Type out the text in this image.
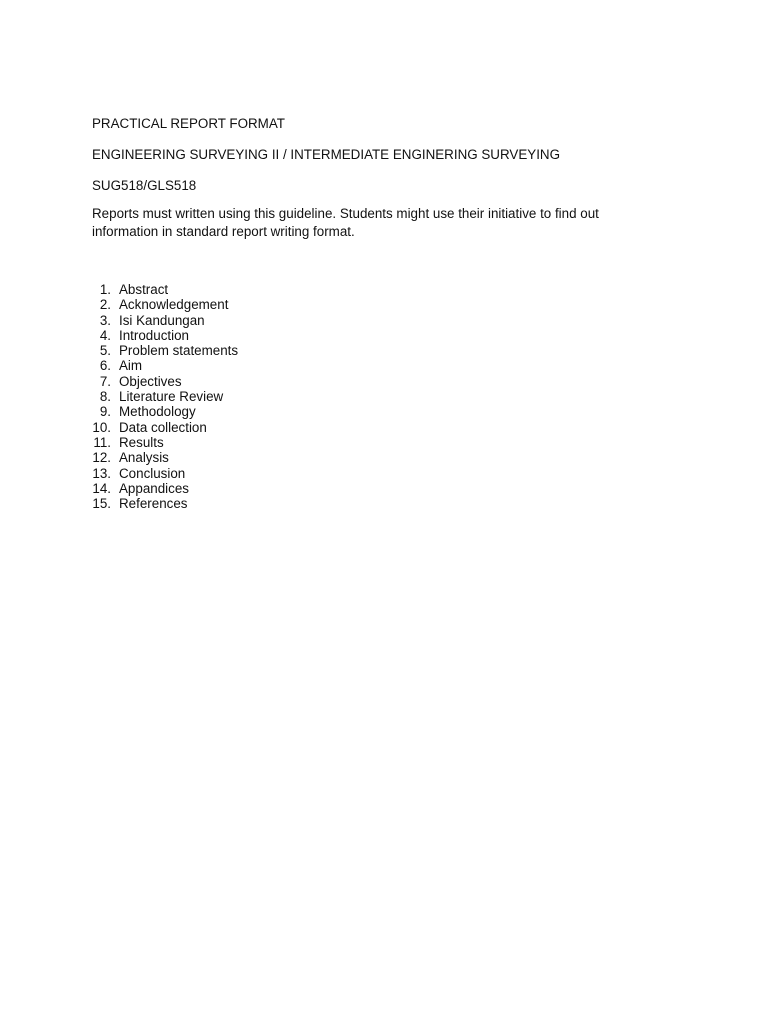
PRACTICAL REPORT FORMAT

ENGINEERING SURVEYING II / INTERMEDIATE ENGINERING SURVEYING

SUG518/GLS518

Reports must written using this guideline. Students might use their initiative to find out information in standard report writing format.

1. Abstract
2. Acknowledgement
3. Isi Kandungan
4. Introduction
5. Problem statements
6. Aim
7. Objectives
8. Literature Review
9. Methodology
10. Data collection
11. Results
12. Analysis
13. Conclusion
14. Appandices
15. References
